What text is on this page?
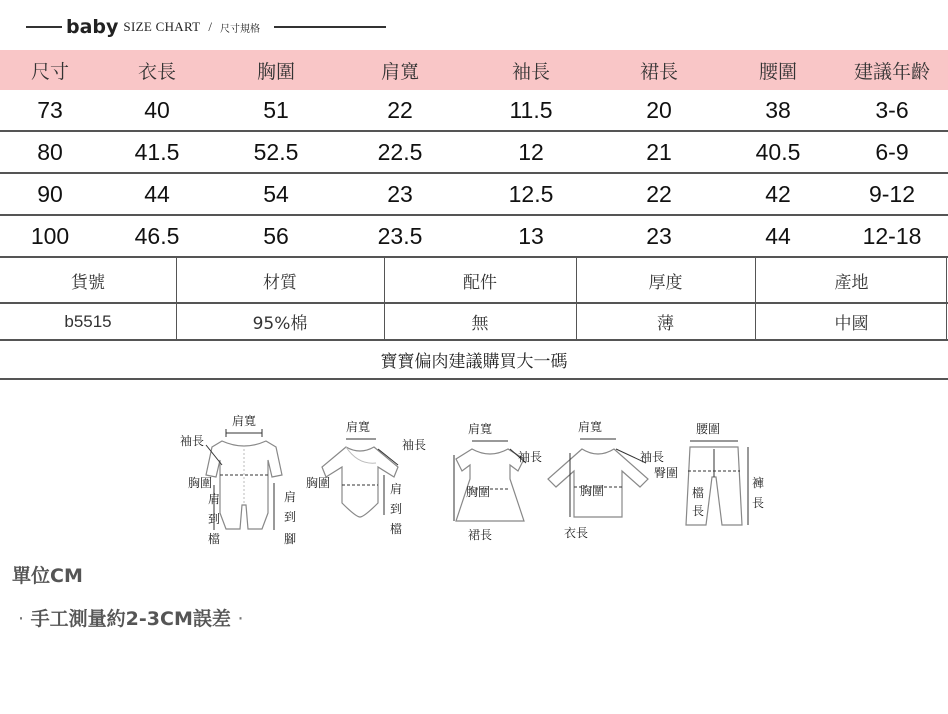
baby SIZE CHART / 尺寸規格
尺寸	衣長	胸圍	肩寬	袖長	裙長	腰圍	建議年齡
73	40	51	22	11.5	20	38	3-6
80	41.5	52.5	22.5	12	21	40.5	6-9
90	44	54	23	12.5	22	42	9-12
100	46.5	56	23.5	13	23	44	12-18
貨號	材質	配件	厚度	產地
b5515	95%棉	無	薄	中國
寶寶偏肉建議購買大一碼
肩寬
袖長
胸圍
肩
到
檔
肩
到
腳
肩寬
袖長
胸圍	肩
到
檔
肩寬
袖長
胸圍
裙長
肩寬
袖長
胸圍
衣長
腰圍
臀圍
檔
長
褲
長
單位CM
· 手工測量約2-3CM誤差 ·
